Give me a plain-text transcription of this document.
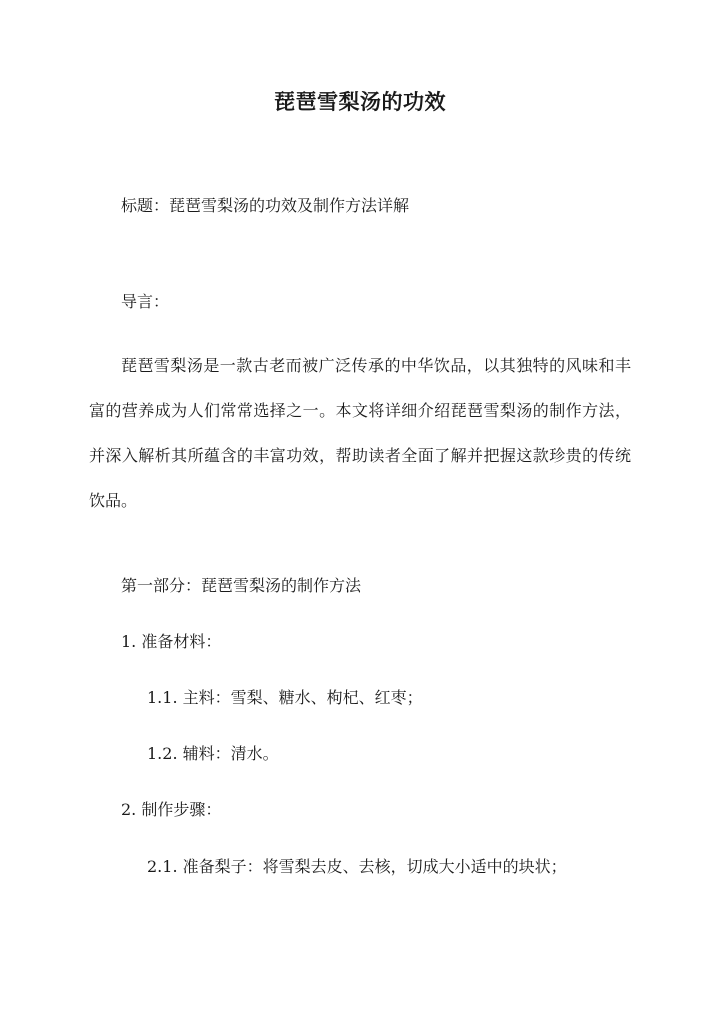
琵琶雪梨汤的功效
标题：琵琶雪梨汤的功效及制作方法详解
导言：

琵琶雪梨汤是一款古老而被广泛传承的中华饮品，以其独特的风味和丰富的营养成为人们常常选择之一。本文将详细介绍琵琶雪梨汤的制作方法，并深入解析其所蕴含的丰富功效，帮助读者全面了解并把握这款珍贵的传统饮品。

第一部分：琵琶雪梨汤的制作方法
1. 准备材料：
1.1. 主料：雪梨、糖水、枸杞、红枣；
1.2. 辅料：清水。
2. 制作步骤：
2.1. 准备梨子：将雪梨去皮、去核，切成大小适中的块状；
